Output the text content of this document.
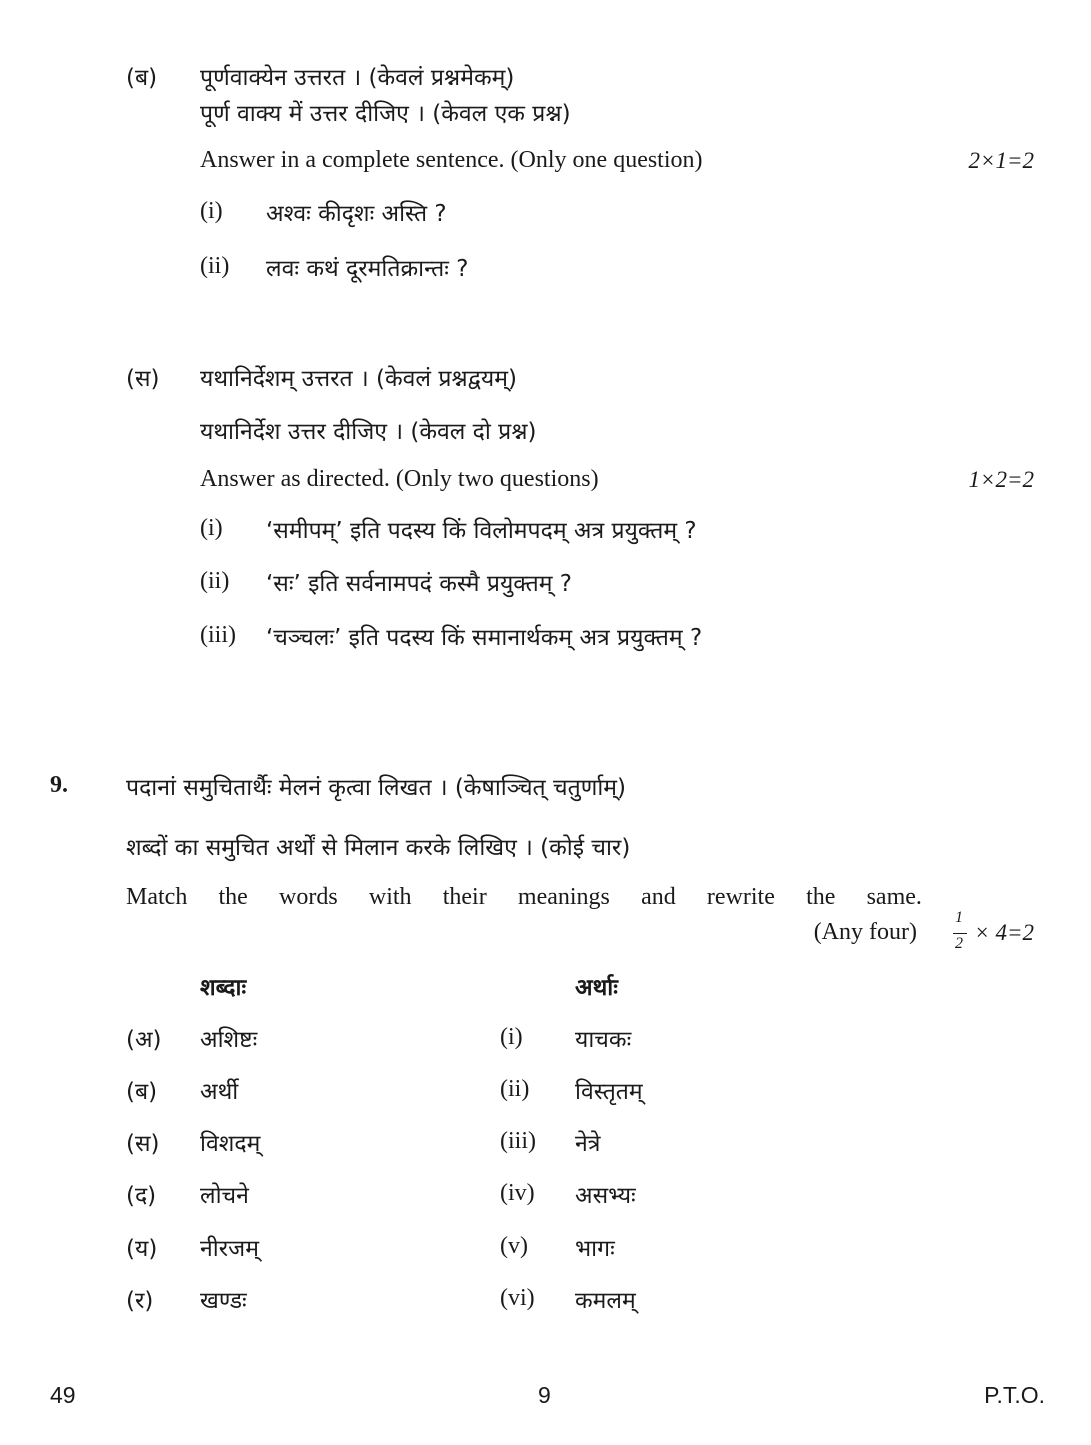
(ब) पूर्णवाक्येन उत्तरत । (केवलं प्रश्नमेकम्)
पूर्ण वाक्य में उत्तर दीजिए । (केवल एक प्रश्न)
Answer in a complete sentence. (Only one question)	2×1=2
(i) अश्वः कीदृशः अस्ति ?
(ii) लवः कथं दूरमतिक्रान्तः ?
(स) यथानिर्देशम् उत्तरत । (केवलं प्रश्नद्वयम्)
यथानिर्देश उत्तर दीजिए । (केवल दो प्रश्न)
Answer as directed. (Only two questions)	1×2=2
(i) ‘समीपम्’ इति पदस्य किं विलोमपदम् अत्र प्रयुक्तम् ?
(ii) ‘सः’ इति सर्वनामपदं कस्मै प्रयुक्तम् ?
(iii) ‘चञ्चलः’ इति पदस्य किं समानार्थकम् अत्र प्रयुक्तम् ?
9.	पदानां समुचितार्थैः मेलनं कृत्वा लिखत । (केषाञ्चित् चतुर्णाम्)
शब्दों का समुचित अर्थों से मिलान करके लिखिए । (कोई चार)
Match the words with their meanings and rewrite the same.
(Any four)
1
2 × 4=2
शब्दाः	अर्थाः
(अ) अशिष्टः	(i) याचकः
(ब) अर्थी	(ii) विस्तृतम्
(स) विशदम्	(iii) नेत्रे
(द) लोचने	(iv) असभ्यः
(य) नीरजम्	(v) भागः
(र) खण्डः	(vi) कमलम्
49	9	P.T.O.
